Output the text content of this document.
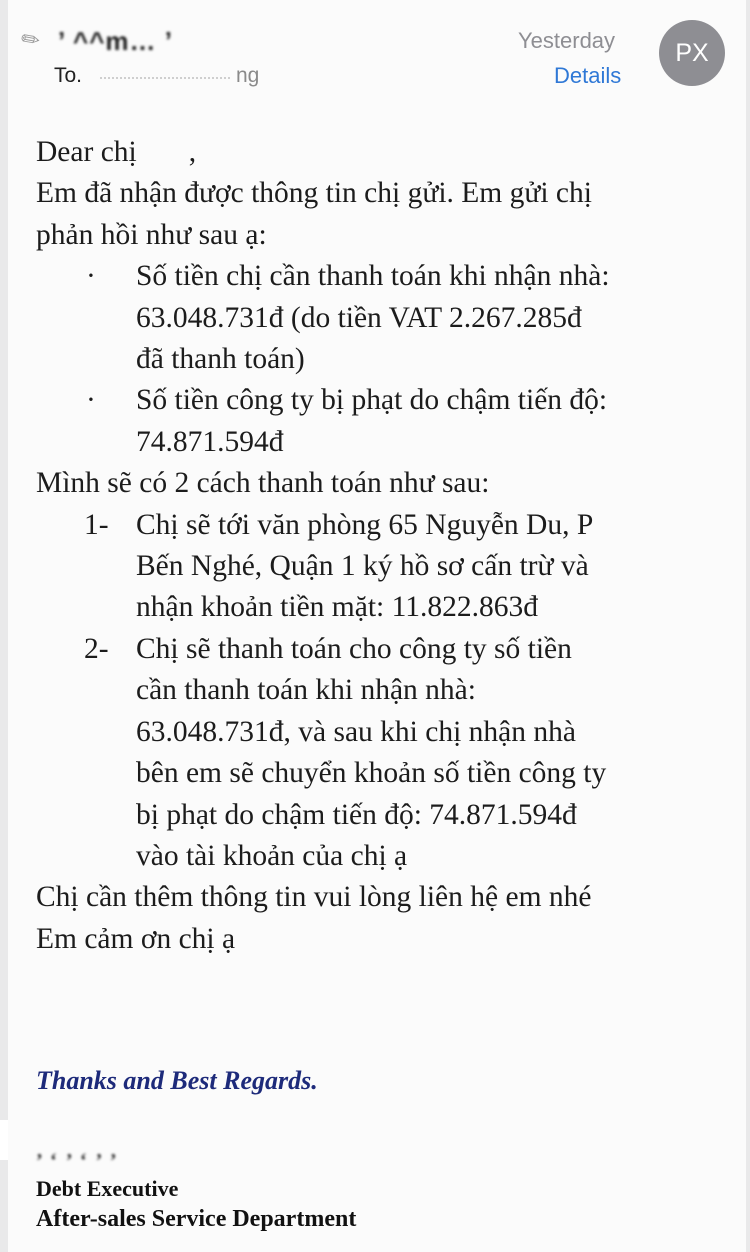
✎ ’ ^^m… ’
To.	ng
Yesterday
Details
PX
Dear chị ,
Em đã nhận được thông tin chị gửi. Em gửi chị
phản hồi như sau ạ:
·	Số tiền chị cần thanh toán khi nhận nhà:
63.048.731đ (do tiền VAT 2.267.285đ
đã thanh toán)
·	Số tiền công ty bị phạt do chậm tiến độ:
74.871.594đ
Mình sẽ có 2 cách thanh toán như sau:
1- Chị sẽ tới văn phòng 65 Nguyễn Du, P
Bến Nghé, Quận 1 ký hồ sơ cấn trừ và
nhận khoản tiền mặt: 11.822.863đ
2- Chị sẽ thanh toán cho công ty số tiền
cần thanh toán khi nhận nhà:
63.048.731đ, và sau khi chị nhận nhà
bên em sẽ chuyển khoản số tiền công ty
bị phạt do chậm tiến độ: 74.871.594đ
vào tài khoản của chị ạ
Chị cần thêm thông tin vui lòng liên hệ em nhé
Em cảm ơn chị ạ
Thanks and Best Regards.
’ ‘ ’ ‘ ’ ’
Debt Executive
After-sales Service Department
